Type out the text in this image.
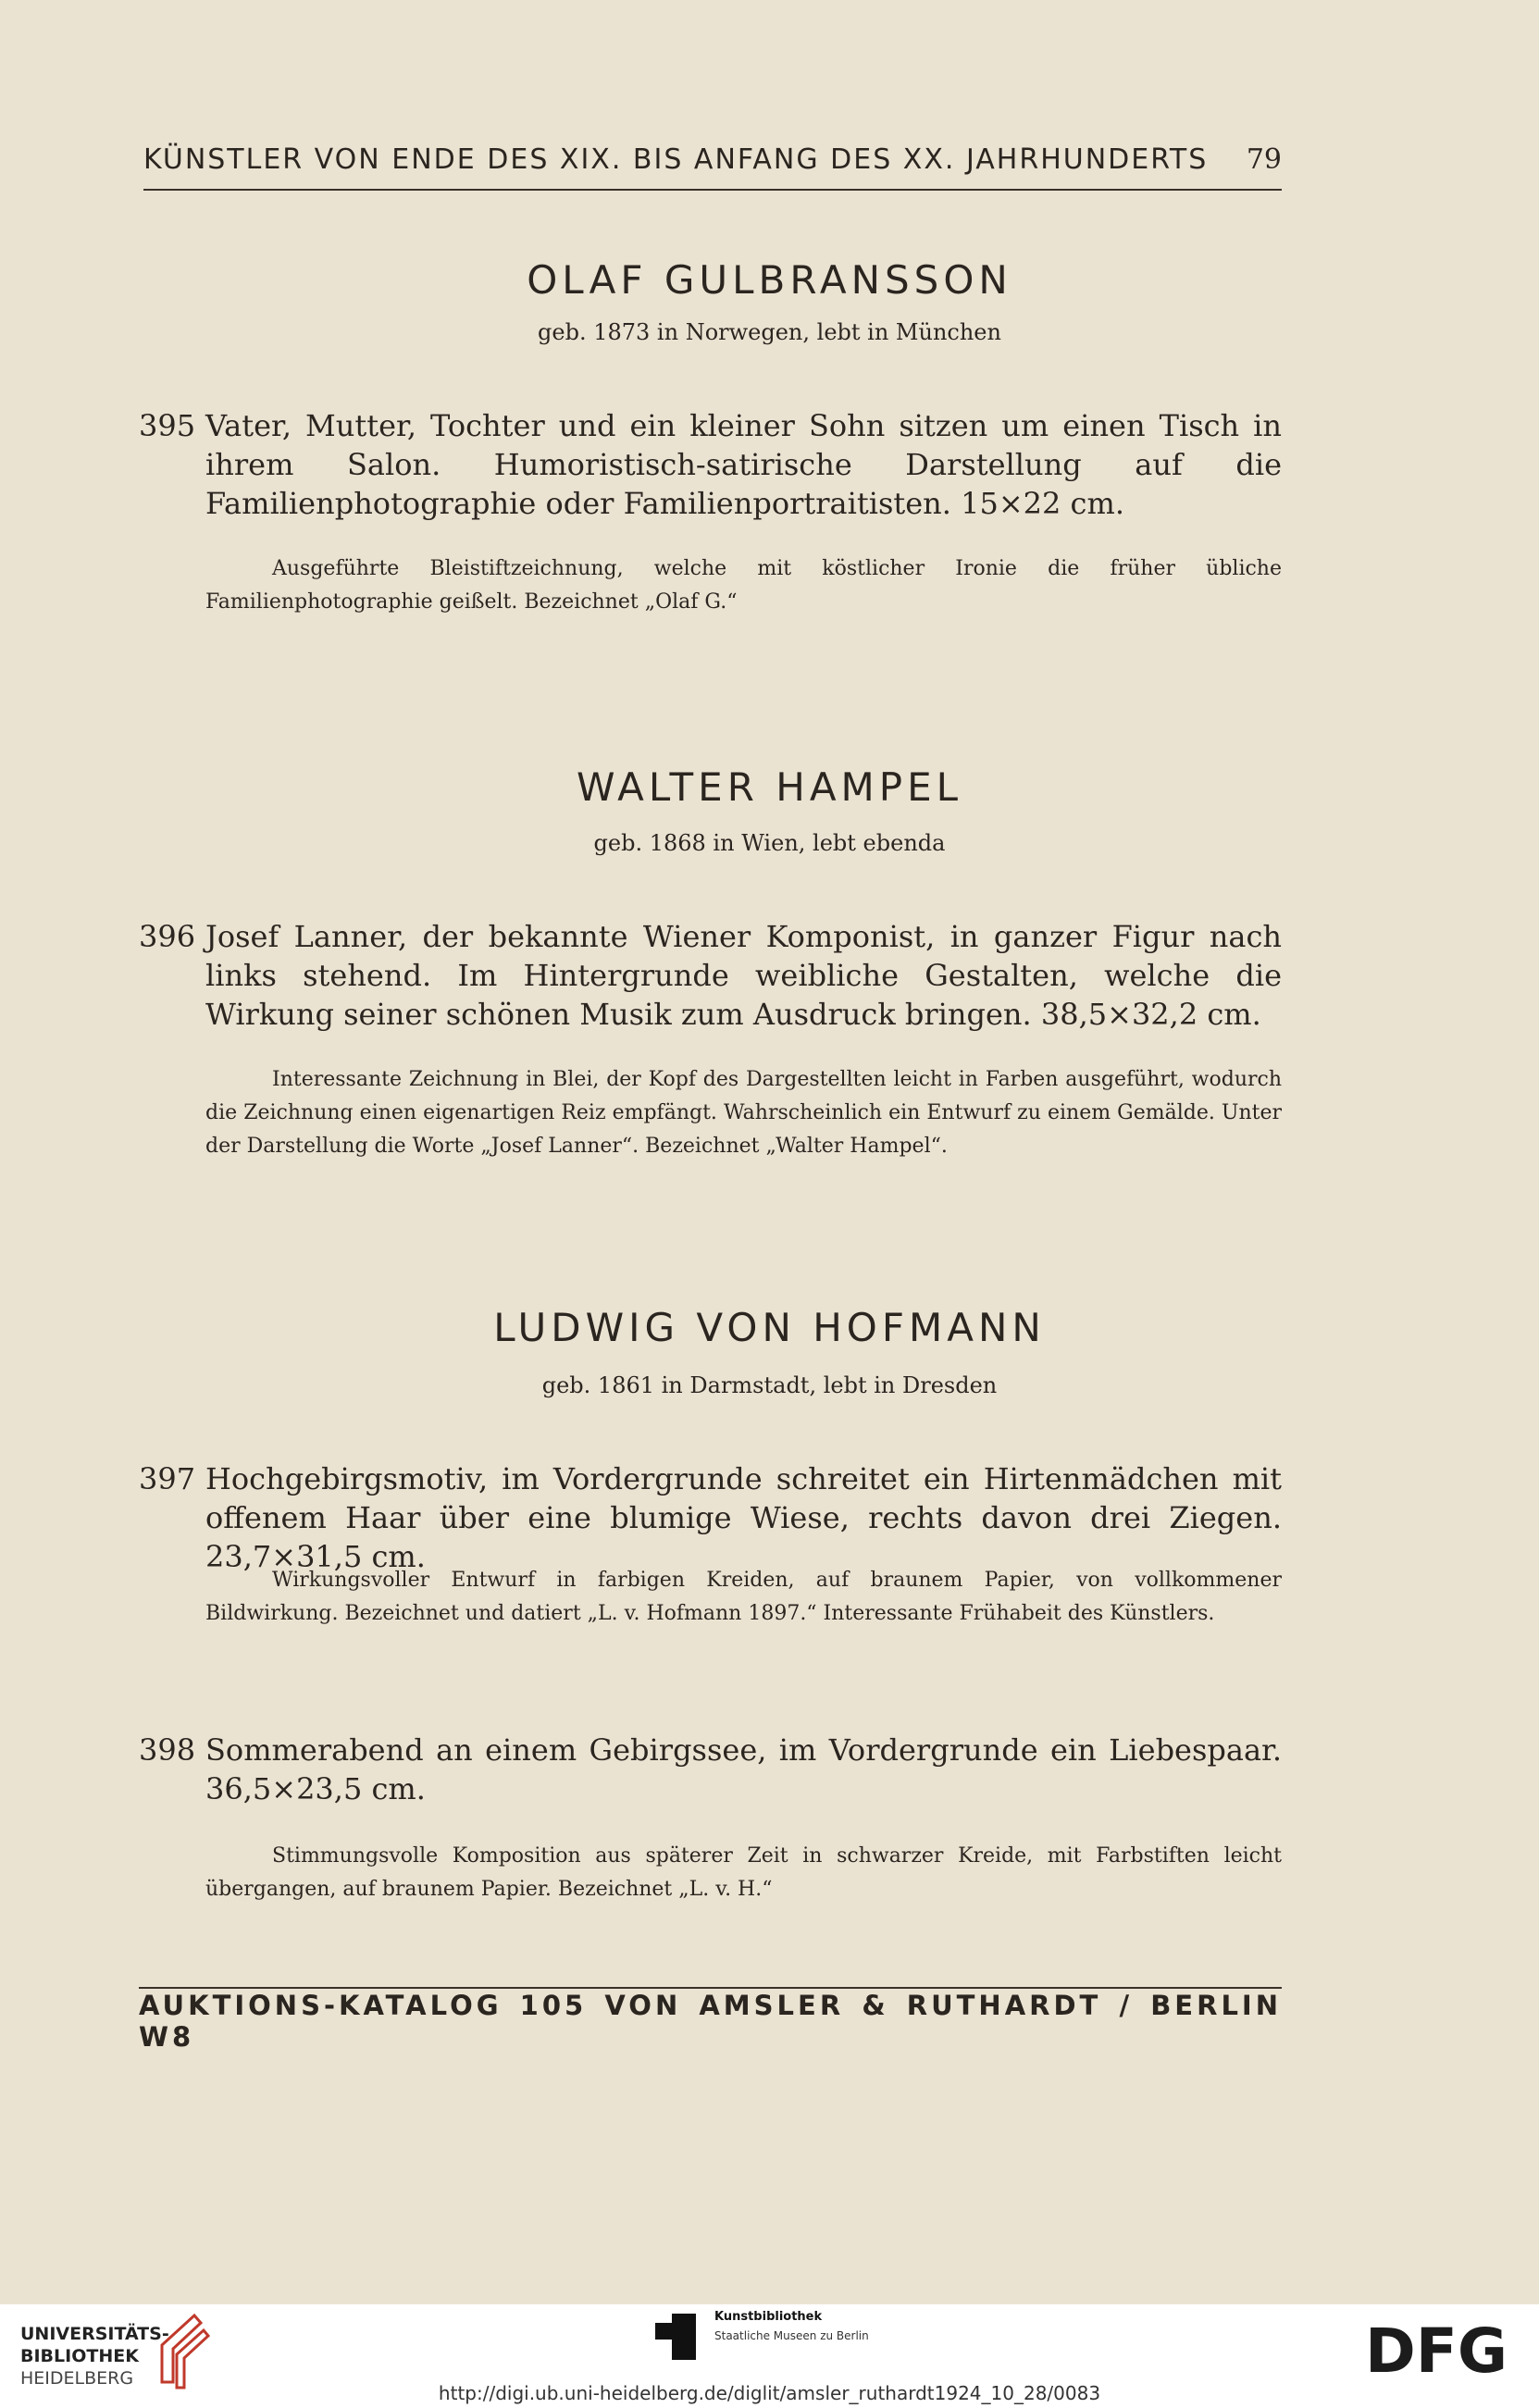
KÜNSTLER VON ENDE DES XIX. BIS ANFANG DES XX. JAHRHUNDERTS 79
OLAF GULBRANSSON
geb. 1873 in Norwegen, lebt in München
395 Vater, Mutter, Tochter und ein kleiner Sohn sitzen um einen Tisch in ihrem Salon. Humoristisch-satirische Darstellung auf die Familienphotographie oder Familienportraitisten. 15×22 cm.
Ausgeführte Bleistiftzeichnung, welche mit köstlicher Ironie die früher übliche Familienphotographie geißelt. Bezeichnet „Olaf G.“
WALTER HAMPEL
geb. 1868 in Wien, lebt ebenda
396 Josef Lanner, der bekannte Wiener Komponist, in ganzer Figur nach links stehend. Im Hintergrunde weibliche Gestalten, welche die Wirkung seiner schönen Musik zum Ausdruck bringen. 38,5×32,2 cm.
Interessante Zeichnung in Blei, der Kopf des Dargestellten leicht in Farben ausgeführt, wodurch die Zeichnung einen eigenartigen Reiz empfängt. Wahrscheinlich ein Entwurf zu einem Gemälde. Unter der Darstellung die Worte „Josef Lanner“. Bezeichnet „Walter Hampel“.
LUDWIG VON HOFMANN
geb. 1861 in Darmstadt, lebt in Dresden
397 Hochgebirgsmotiv, im Vordergrunde schreitet ein Hirtenmädchen mit offenem Haar über eine blumige Wiese, rechts davon drei Ziegen. 23,7×31,5 cm.
Wirkungsvoller Entwurf in farbigen Kreiden, auf braunem Papier, von vollkommener Bildwirkung. Bezeichnet und datiert „L. v. Hofmann 1897.“ Interessante Frühabeit des Künstlers.
398 Sommerabend an einem Gebirgssee, im Vordergrunde ein Liebespaar. 36,5×23,5 cm.
Stimmungsvolle Komposition aus späterer Zeit in schwarzer Kreide, mit Farbstiften leicht übergangen, auf braunem Papier. Bezeichnet „L. v. H.“
AUKTIONS-KATALOG 105 VON AMSLER & RUTHARDT / BERLIN W8
UNIVERSITÄTS-
BIBLIOTHEK
HEIDELBERG
Kunstbibliothek
Staatliche Museen zu Berlin	DFG
http://digi.ub.uni-heidelberg.de/diglit/amsler_ruthardt1924_10_28/0083
